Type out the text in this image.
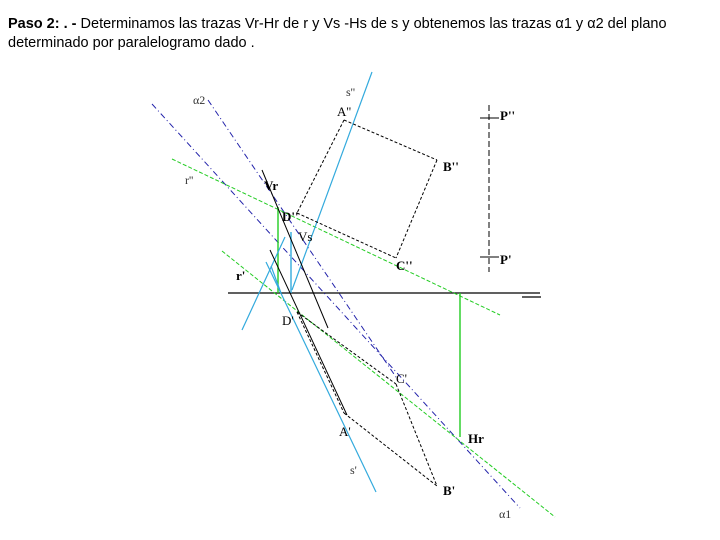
Paso 2: . - Determinamos las trazas Vr-Hr de r y Vs -Hs de s y obtenemos las trazas α1 y α2 del plano determinado por paralelogramo dado .
α2
s''
A''	P''
B''
r''	Vr
D''
Vs
C''	P'
r'
D'
C'
A'	Hr
s'
B'
α1
